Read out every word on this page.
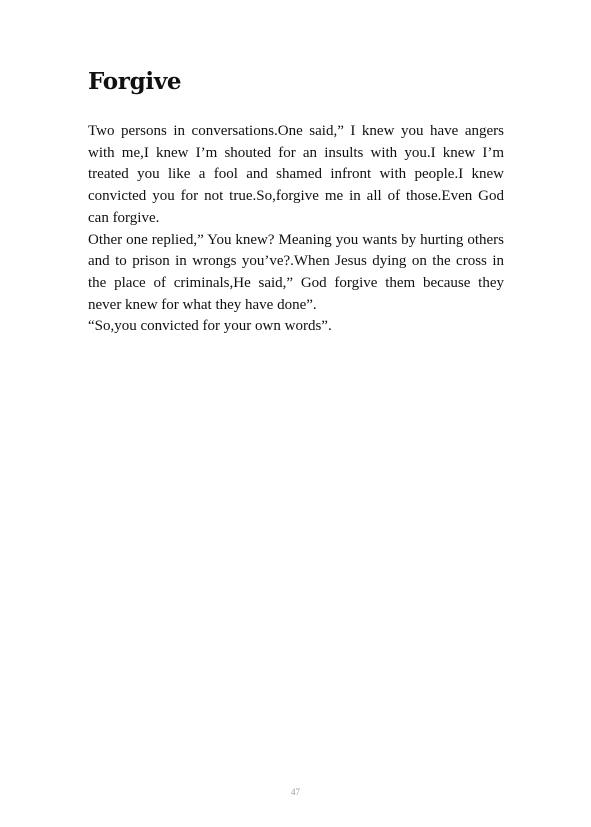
Forgive

Two persons in conversations.One said,” I knew you have angers with me,I knew I’m shouted for an insults with you.I knew I’m treated you like a fool and shamed infront with people.I knew convicted you for not true.So,forgive me in all of those.Even God can forgive.

Other one replied,” You knew? Meaning you wants by hurting others and to prison in wrongs you’ve?.When Jesus dying on the cross in the place of criminals,He said,” God forgive them because they never knew for what they have done”.

“So,you convicted for your own words”.

47
